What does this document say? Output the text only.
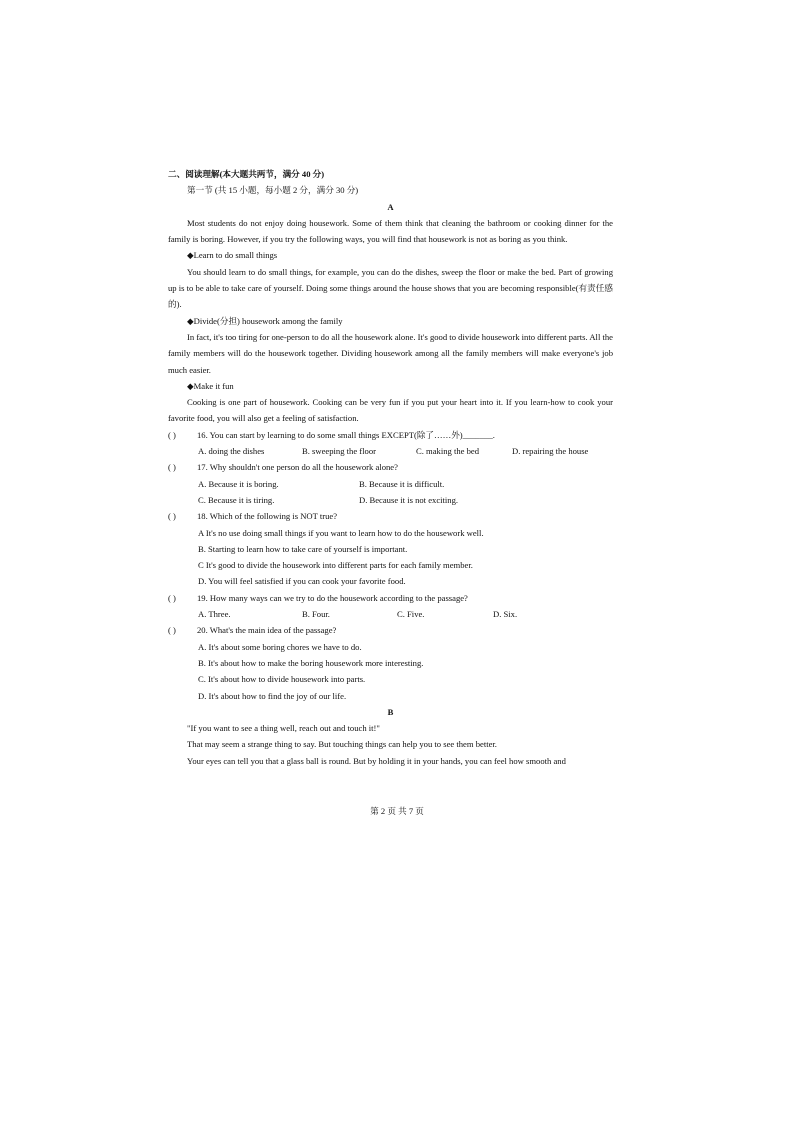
二、阅读理解(本大题共两节，满分 40 分)
第一节 (共 15 小题，每小题 2 分，满分 30 分)
A
Most students do not enjoy doing housework. Some of them think that cleaning the bathroom or cooking dinner for the family is boring. However, if you try the following ways, you will find that housework is not as boring as you think.
◆Learn to do small things
You should learn to do small things, for example, you can do the dishes, sweep the floor or make the bed. Part of growing up is to be able to take care of yourself. Doing some things around the house shows that you are becoming responsible(有责任感的).
◆Divide(分担) housework among the family
In fact, it's too tiring for one-person to do all the housework alone. It's good to divide housework into different parts. All the family members will do the housework together. Dividing housework among all the family members will make everyone's job much easier.
◆Make it fun
Cooking is one part of housework. Cooking can be very fun if you put your heart into it. If you learn-how to cook your favorite food, you will also get a feeling of satisfaction.
( ) 16. You can start by learning to do some small things EXCEPT(除了……外)_______.
A. doing the dishes	B. sweeping the floor	C. making the bed	D. repairing the house
( ) 17. Why shouldn't one person do all the housework alone?
A. Because it is boring.	B. Because it is difficult.
C. Because it is tiring.	D. Because it is not exciting.
( ) 18. Which of the following is NOT true?
A It's no use doing small things if you want to learn how to do the housework well.
B. Starting to learn how to take care of yourself is important.
C It's good to divide the housework into different parts for each family member.
D. You will feel satisfied if you can cook your favorite food.
( ) 19. How many ways can we try to do the housework according to the passage?
A. Three.	B. Four.	C. Five.	D. Six.
( ) 20. What's the main idea of the passage?
A. It's about some boring chores we have to do.
B. It's about how to make the boring housework more interesting.
C. It's about how to divide housework into parts.
D. It's about how to find the joy of our life.
B
"If you want to see a thing well, reach out and touch it!"
That may seem a strange thing to say. But touching things can help you to see them better.
Your eyes can tell you that a glass ball is round. But by holding it in your hands, you can feel how smooth and
第 2 页 共 7 页
